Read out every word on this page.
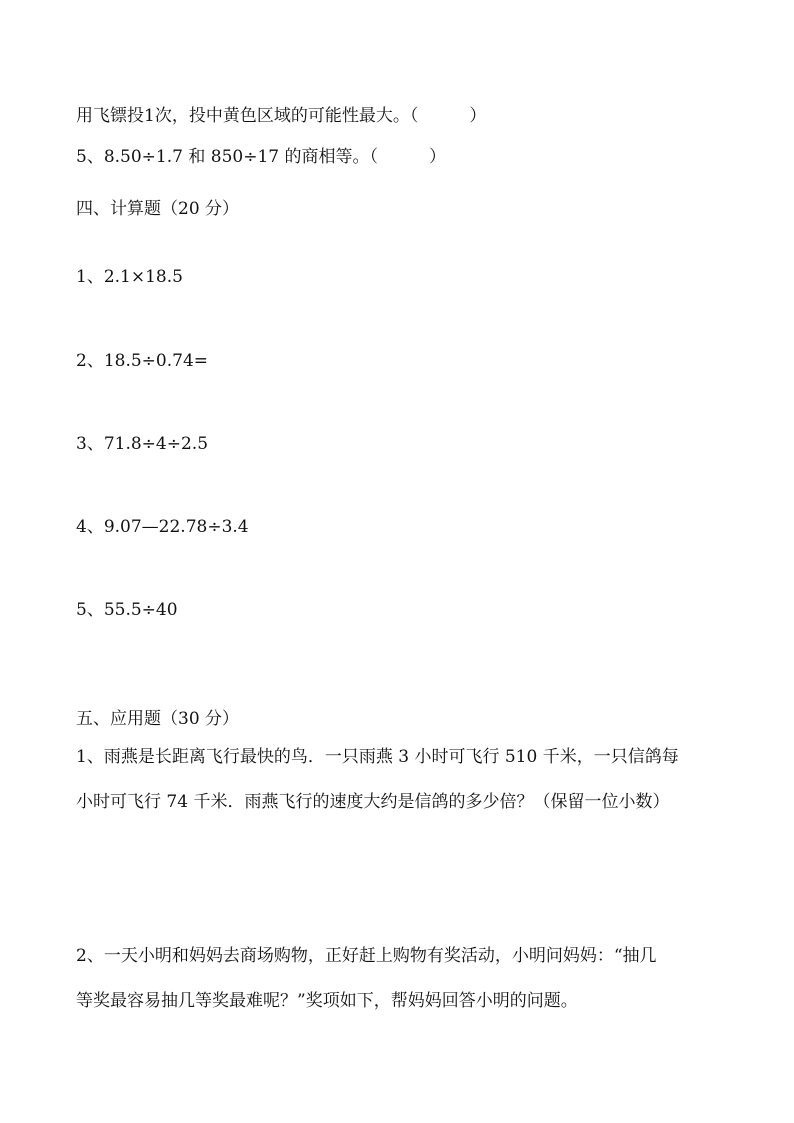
用飞镖投1次，投中黄色区域的可能性最大。（　　　）
5、8.50÷1.7 和 850÷17 的商相等。（　　　）
四、计算题（20 分）
1、2.1×18.5
2、18.5÷0.74=
3、71.8÷4÷2.5
4、9.07—22.78÷3.4
5、55.5÷40
五、应用题（30 分）
1、雨燕是长距离飞行最快的鸟．一只雨燕 3 小时可飞行 510 千米，一只信鸽每
小时可飞行 74 千米．雨燕飞行的速度大约是信鸽的多少倍？（保留一位小数）
2、一天小明和妈妈去商场购物，正好赶上购物有奖活动，小明问妈妈：“抽几
等奖最容易抽几等奖最难呢？”奖项如下，帮妈妈回答小明的问题。
